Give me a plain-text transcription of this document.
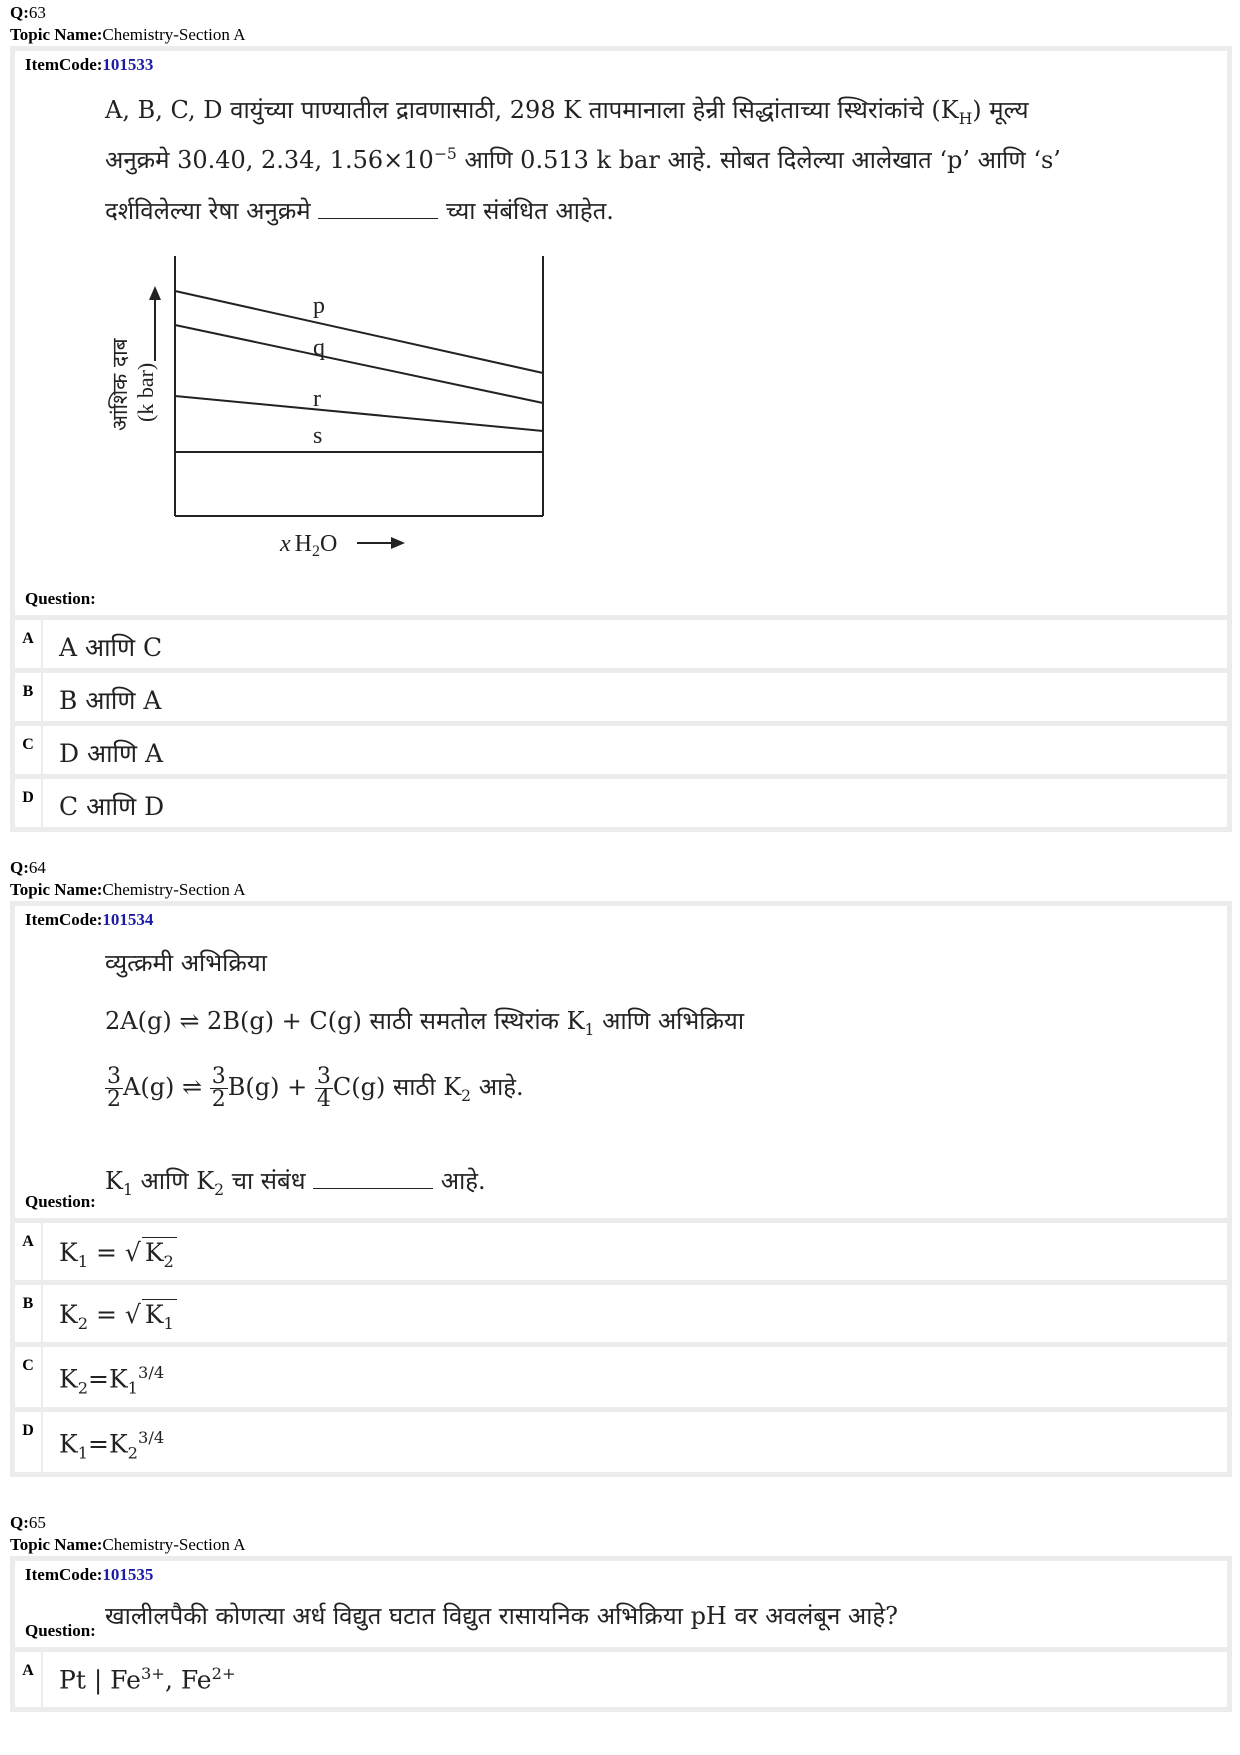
Q:63
Topic Name:Chemistry-Section A
ItemCode:101533
A, B, C, D वायुंच्या पाण्यातील द्रावणासाठी, 298 K तापमानाला हेन्री सिद्धांताच्या स्थिरांकांचे $(K_H)$ मूल्य
अनुक्रमे 30.40, 2.34, $1.56\times 10^{-5}$ आणि 0.513 k bar आहे. सोबत दिलेल्या आलेखात ‘p’ आणि ‘s’
दर्शविलेल्या रेषा अनुक्रमे	च्या संबंधित आहेत.
p
q
r
s
आंशिक दाब (k bar)
x $H_2O$
Question:
A	A आणि C
B	B आणि A
C	D आणि A
D	C आणि D
Q:64
Topic Name:Chemistry-Section A
ItemCode:101534
व्युत्क्रमी अभिक्रिया
2A(g) ⇌ 2B(g) + C(g) साठी समतोल स्थिरांक $K_1$ आणि अभिक्रिया
$\frac{3}{2} A(g)$ ⇌ $\frac{3}{2} B(g) + \frac{3}{4} C(g)$ साठी $K_2$ आहे.
$K_1$ आणि $K_2$ चा संबंध	आहे.
Question:
A	$K_1$ = √ $K_2$
B	$K_2$ = √ $K_1$
C	$K_2=K_1^{3/4}$
D	$K_1=K_2^{3/4}$
Q:65
Topic Name:Chemistry-Section A
ItemCode:101535
खालीलपैकी कोणत्या अर्ध विद्युत घटात विद्युत रासायनिक अभिक्रिया pH वर अवलंबून आहे?
Question:
A	Pt | $Fe^{3+}$, $Fe^{2+}$
